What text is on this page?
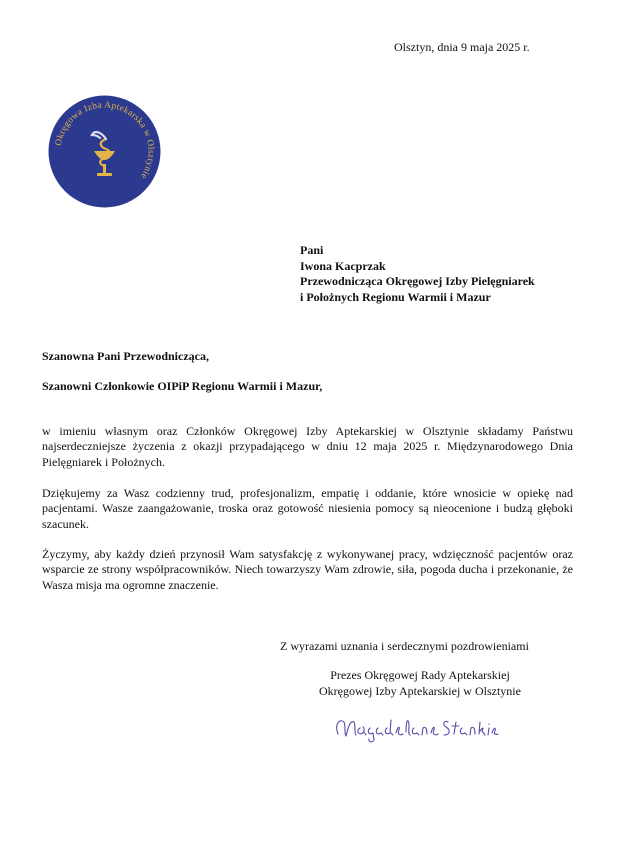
Olsztyn, dnia 9 maja 2025 r.
Okręgowa Izba Aptekarska w Olsztynie
Pani
Iwona Kacprzak
Przewodnicząca Okręgowej Izby Pielęgniarek
i Położnych Regionu Warmii i Mazur
Szanowna Pani Przewodnicząca,
Szanowni Członkowie OIPiP Regionu Warmii i Mazur,
w imieniu własnym oraz Członków Okręgowej Izby Aptekarskiej w Olsztynie składamy Państwu najserdeczniejsze życzenia z okazji przypadającego w dniu 12 maja 2025 r. Międzynarodowego Dnia Pielęgniarek i Położnych.
Dziękujemy za Wasz codzienny trud, profesjonalizm, empatię i oddanie, które wnosicie w opiekę nad pacjentami. Wasze zaangażowanie, troska oraz gotowość niesienia pomocy są nieocenione i budzą głęboki szacunek.
Życzymy, aby każdy dzień przynosił Wam satysfakcję z wykonywanej pracy, wdzięczność pacjentów oraz wsparcie ze strony współpracowników. Niech towarzyszy Wam zdrowie, siła, pogoda ducha i przekonanie, że Wasza misja ma ogromne znaczenie.
Z wyrazami uznania i serdecznymi pozdrowieniami
Prezes Okręgowej Rady Aptekarskiej
Okręgowej Izby Aptekarskiej w Olsztynie
